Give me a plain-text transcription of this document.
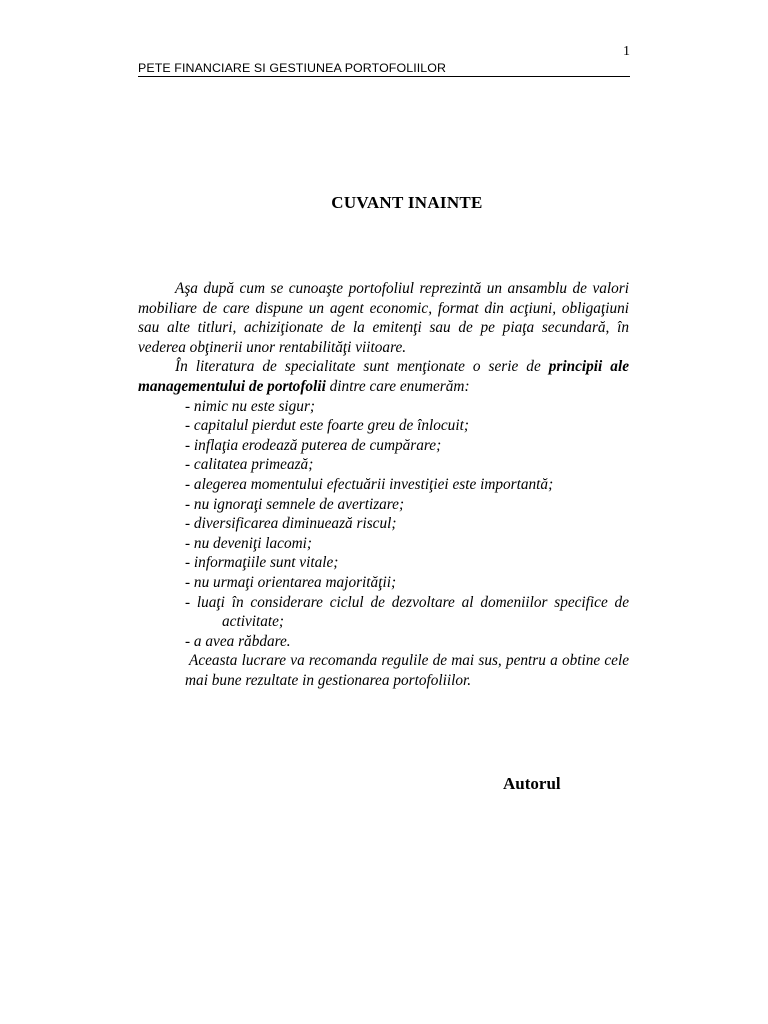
1
PETE FINANCIARE SI GESTIUNEA PORTOFOLIILOR
CUVANT INAINTE

Aşa după cum se cunoaşte portofoliul reprezintă un ansamblu de valori mobiliare de care dispune un agent economic, format din acţiuni, obligaţiuni sau alte titluri, achiziţionate de la emitenţi sau de pe piaţa secundară, în vederea obţinerii unor rentabilităţi viitoare.

În literatura de specialitate sunt menţionate o serie de principii ale managementului de portofolii dintre care enumerăm:

- nimic nu este sigur;
- capitalul pierdut este foarte greu de înlocuit;
- inflaţia erodează puterea de cumpărare;
- calitatea primează;
- alegerea momentului efectuării investiţiei este importantă;
- nu ignoraţi semnele de avertizare;
- diversificarea diminuează riscul;
- nu deveniţi lacomi;
- informaţiile sunt vitale;
- nu urmaţi orientarea majorităţii;
- luaţi în considerare ciclul de dezvoltare al domeniilor specifice de activitate;
- a avea răbdare.

Aceasta lucrare va recomanda regulile de mai sus, pentru a obtine cele mai bune rezultate in gestionarea portofoliilor.

Autorul
